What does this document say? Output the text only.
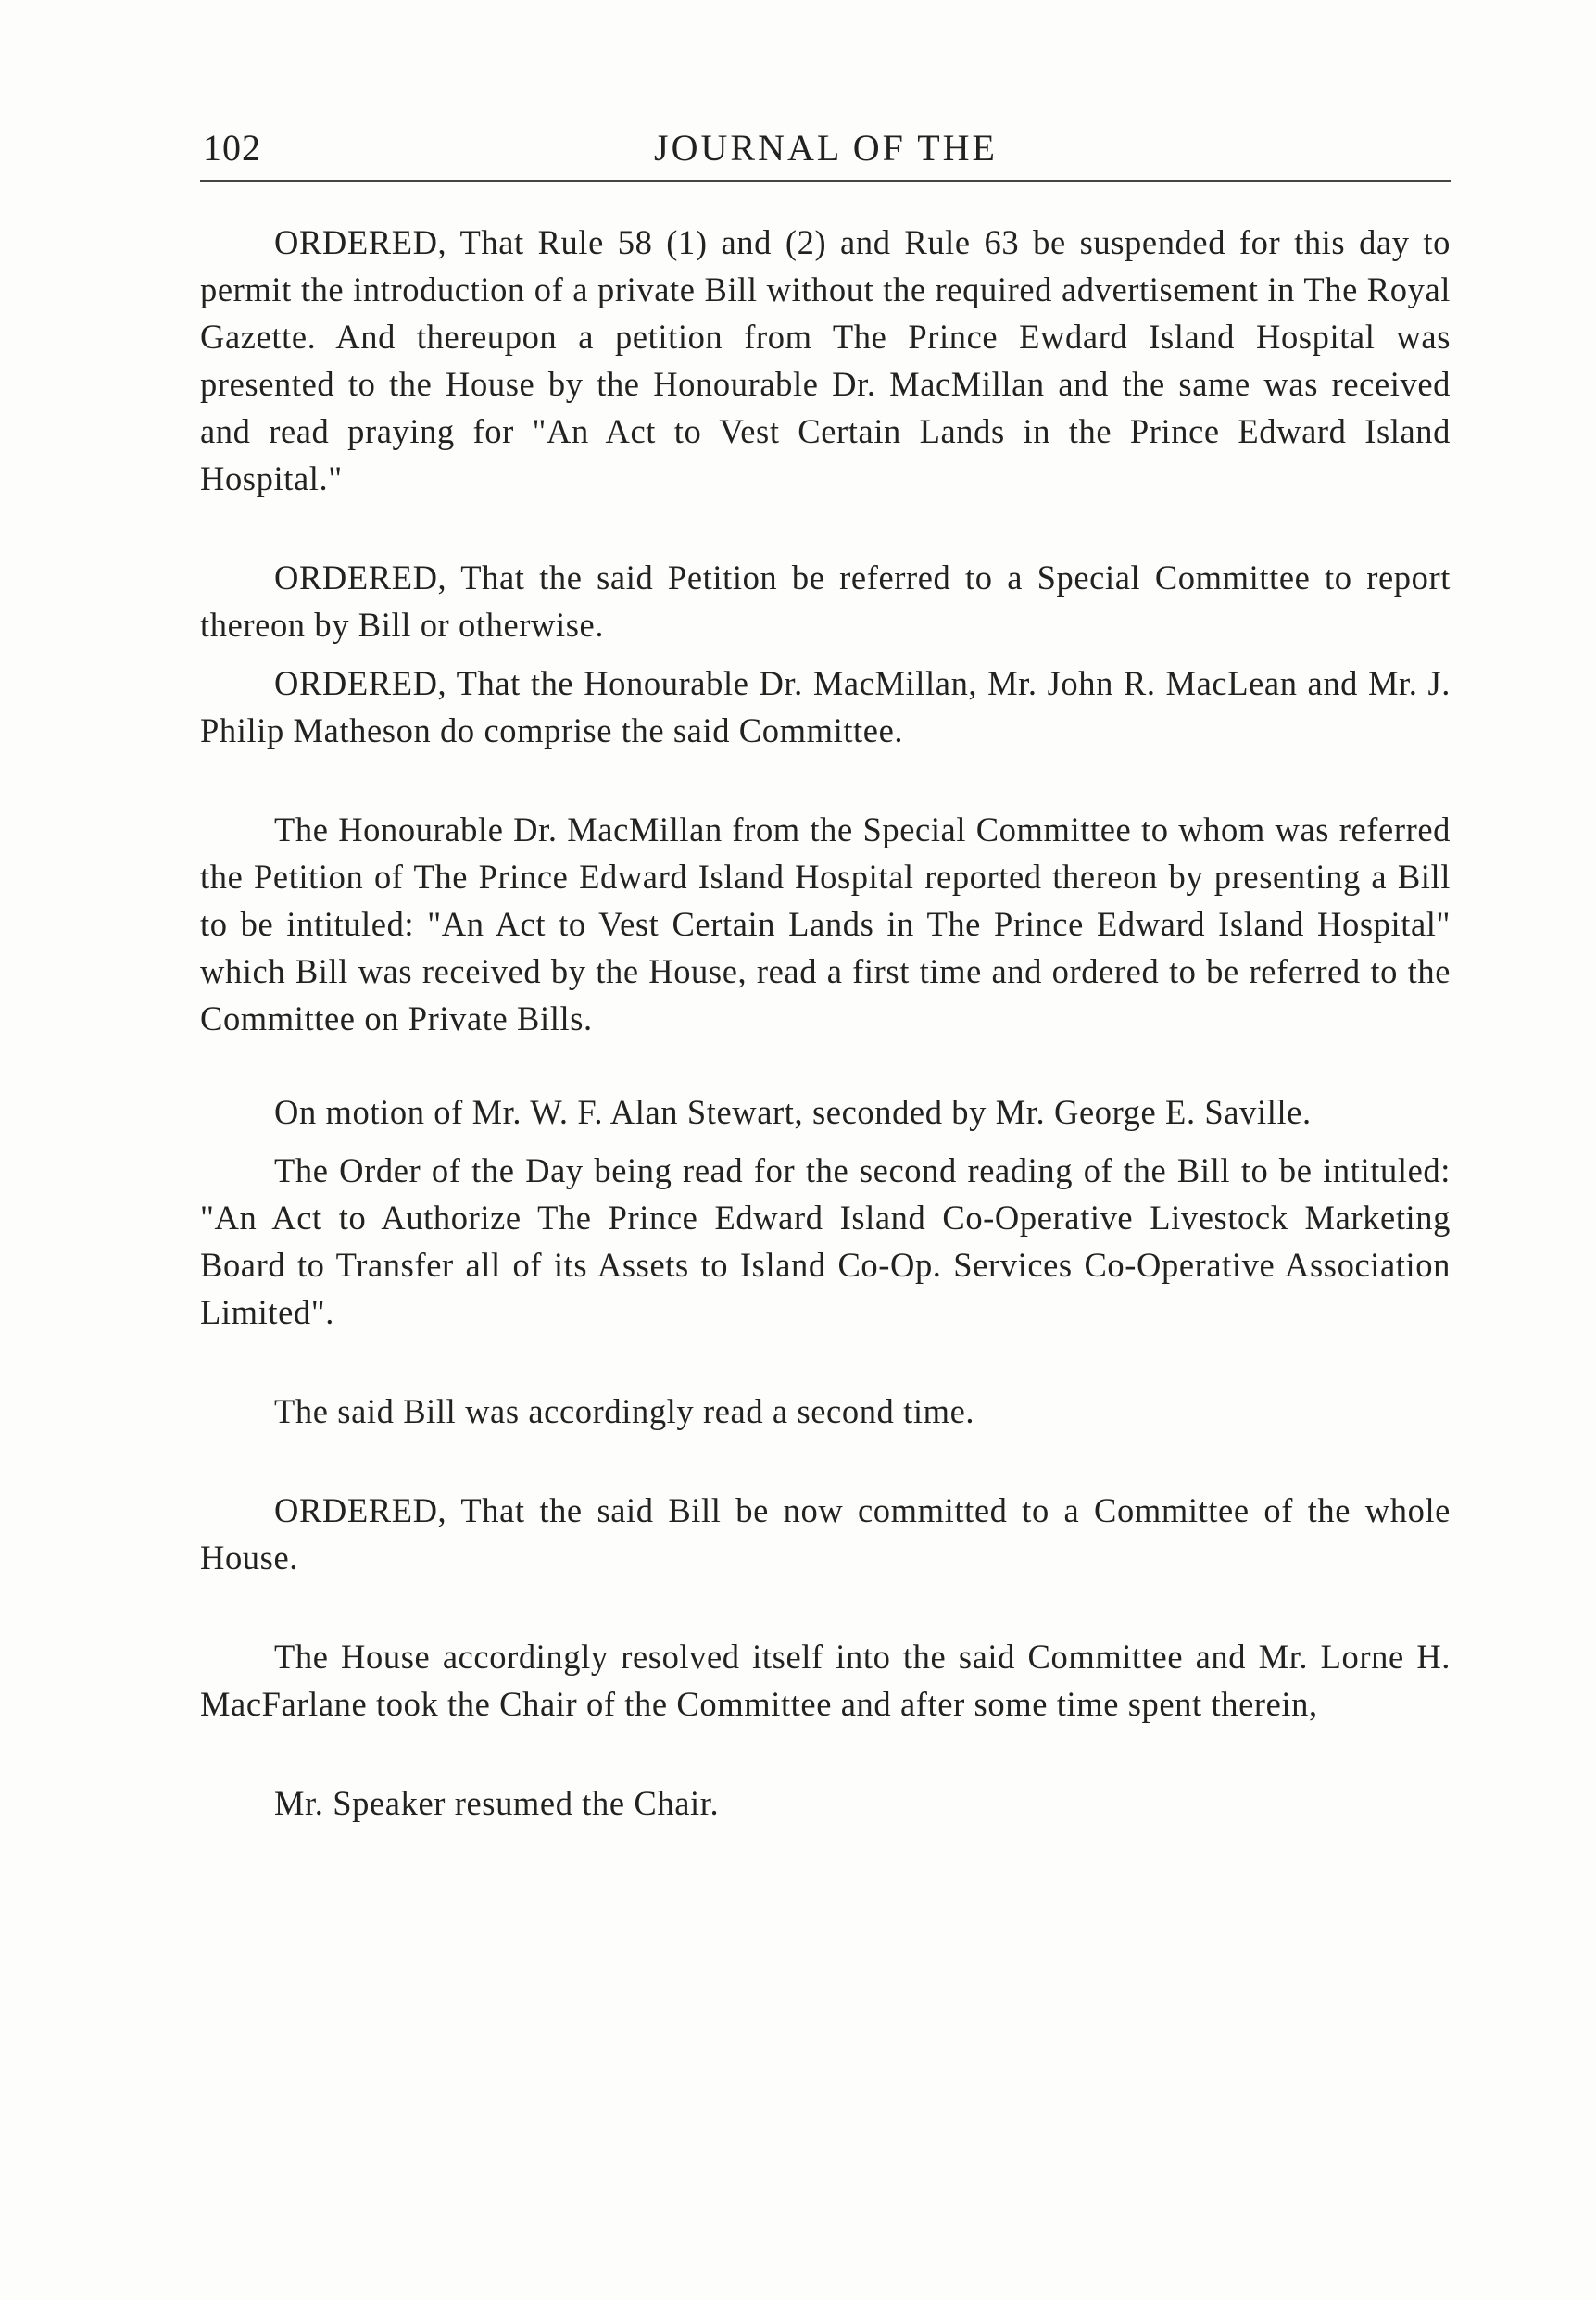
102	JOURNAL OF THE

ORDERED, That Rule 58 (1) and (2) and Rule 63 be suspended for this day to permit the introduction of a private Bill without the required advertisement in The Royal Gazette. And thereupon a petition from The Prince Ewdard Island Hospital was presented to the House by the Honourable Dr. MacMillan and the same was received and read praying for "An Act to Vest Certain Lands in the Prince Edward Island Hospital."

ORDERED, That the said Petition be referred to a Special Committee to report thereon by Bill or otherwise.

ORDERED, That the Honourable Dr. MacMillan, Mr. John R. MacLean and Mr. J. Philip Matheson do comprise the said Committee.

The Honourable Dr. MacMillan from the Special Committee to whom was referred the Petition of The Prince Edward Island Hospital reported thereon by presenting a Bill to be intituled: "An Act to Vest Certain Lands in The Prince Edward Island Hospital" which Bill was received by the House, read a first time and ordered to be referred to the Committee on Private Bills.

On motion of Mr. W. F. Alan Stewart, seconded by Mr. George E. Saville.

The Order of the Day being read for the second reading of the Bill to be intituled: "An Act to Authorize The Prince Edward Island Co-Operative Livestock Marketing Board to Transfer all of its Assets to Island Co-Op. Services Co-Operative Association Limited".

The said Bill was accordingly read a second time.

ORDERED, That the said Bill be now committed to a Committee of the whole House.

The House accordingly resolved itself into the said Committee and Mr. Lorne H. MacFarlane took the Chair of the Committee and after some time spent therein,

Mr. Speaker resumed the Chair.
